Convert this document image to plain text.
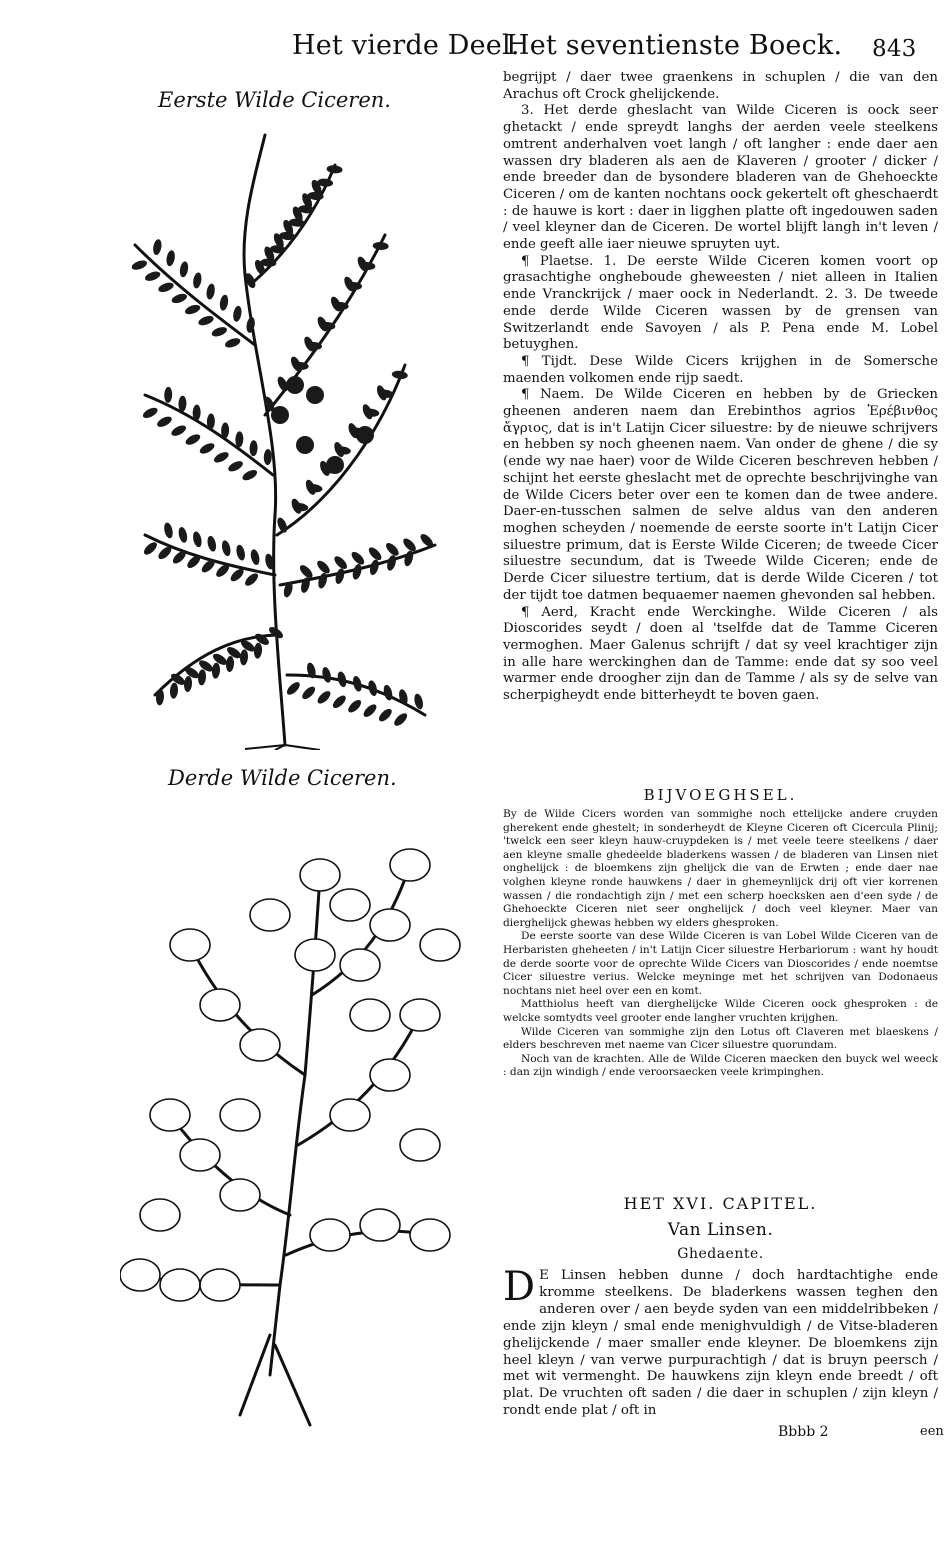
Het vierde Deel.
Het seventienste Boeck. 843
Eerste Wilde Ciceren.
Derde Wilde Ciceren.

begrijpt / daer twee graenkens in schuplen / die van den Arachus oft Crock ghelijckende.

3. Het derde gheslacht van Wilde Ciceren is oock seer ghetackt / ende spreydt langhs der aerden veele steelkens omtrent anderhalven voet langh / oft langher : ende daer aen wassen dry bladeren als aen de Klaveren / grooter / dicker / ende breeder dan de bysondere bladeren van de Ghehoeckte Ciceren / om de kanten nochtans oock gekertelt oft gheschaerdt : de hauwe is kort : daer in ligghen platte oft ingedouwen saden / veel kleyner dan de Ciceren. De wortel blijft langh in't leven / ende geeft alle iaer nieuwe spruyten uyt.

¶ Plaetse. 1. De eerste Wilde Ciceren komen voort op grasachtighe ongheboude gheweesten / niet alleen in Italien ende Vranckrijck / maer oock in Nederlandt. 2. 3. De tweede ende derde Wilde Ciceren wassen by de grensen van Switzerlandt ende Savoyen / als P. Pena ende M. Lobel betuyghen.

¶ Tijdt. Dese Wilde Cicers krijghen in de Somersche maenden volkomen ende rijp saedt.

¶ Naem. De Wilde Ciceren en hebben by de Griecken gheenen anderen naem dan Erebinthos agrios Ἐρέβινθος ἄγριος, dat is in't Latijn Cicer siluestre: by de nieuwe schrijvers en hebben sy noch gheenen naem. Van onder de ghene / die sy (ende wy nae haer) voor de Wilde Ciceren beschreven hebben / schijnt het eerste gheslacht met de oprechte beschrijvinghe van de Wilde Cicers beter over een te komen dan de twee andere. Daer-en-tusschen salmen de selve aldus van den anderen moghen scheyden / noemende de eerste soorte in't Latijn Cicer siluestre primum, dat is Eerste Wilde Ciceren; de tweede Cicer siluestre secundum, dat is Tweede Wilde Ciceren; ende de Derde Cicer siluestre tertium, dat is derde Wilde Ciceren / tot der tijdt toe datmen bequaemer naemen ghevonden sal hebben.

¶ Aerd, Kracht ende Werckinghe. Wilde Ciceren / als Dioscorides seydt / doen al 'tselfde dat de Tamme Ciceren vermoghen. Maer Galenus schrijft / dat sy veel krachtiger zijn in alle hare werckinghen dan de Tamme: ende dat sy soo veel warmer ende droogher zijn dan de Tamme / als sy de selve van scherpigheydt ende bitterheydt te boven gaen.

BIJVOEGHSEL.

By de Wilde Cicers worden van sommighe noch ettelijcke andere cruyden gherekent ende ghestelt; in sonderheydt de Kleyne Ciceren oft Cicercula Plinij; 'twelck een seer kleyn hauw-cruypdeken is / met veele teere steelkens / daer aen kleyne smalle ghedeelde bladerkens wassen / de bladeren van Linsen niet onghelijck : de bloemkens zijn ghelijck die van de Erwten ; ende daer nae volghen kleyne ronde hauwkens / daer in ghemeynlijck drij oft vier korrenen wassen / die rondachtigh zijn / met een scherp hoecksken aen d'een syde / de Ghehoeckte Ciceren niet seer onghelijck / doch veel kleyner. Maer van dierghelijck ghewas hebben wy elders ghesproken.

De eerste soorte van dese Wilde Ciceren is van Lobel Wilde Ciceren van de Herbaristen gheheeten / in't Latijn Cicer siluestre Herbariorum : want hy houdt de derde soorte voor de oprechte Wilde Cicers van Dioscorides / ende noemtse Cicer siluestre verius. Welcke meyninge met het schrijven van Dodonaeus nochtans niet heel over een en komt.

Matthiolus heeft van dierghelijcke Wilde Ciceren oock ghesproken : de welcke somtydts veel grooter ende langher vruchten krijghen.

Wilde Ciceren van sommighe zijn den Lotus oft Claveren met blaeskens / elders beschreven met naeme van Cicer siluestre quorundam.

Noch van de krachten. Alle de Wilde Ciceren maecken den buyck wel weeck : dan zijn windigh / ende veroorsaecken veele krimpinghen.

HET XVI. CAPITEL.
Van Linsen.
Ghedaente.

D E Linsen hebben dunne / doch hardtachtighe ende kromme steelkens. De bladerkens wassen teghen den anderen over / aen beyde syden van een middelribbeken / ende zijn kleyn / smal ende menighvuldigh / de Vitse-bladeren ghelijckende / maer smaller ende kleyner. De bloemkens zijn heel kleyn / van verwe purpurachtigh / dat is bruyn peersch / met wit vermenght. De hauwkens zijn kleyn ende breedt / oft plat. De vruchten oft saden / die daer in schuplen / zijn kleyn / rondt ende plat / oft in

Bbbb 2	een
